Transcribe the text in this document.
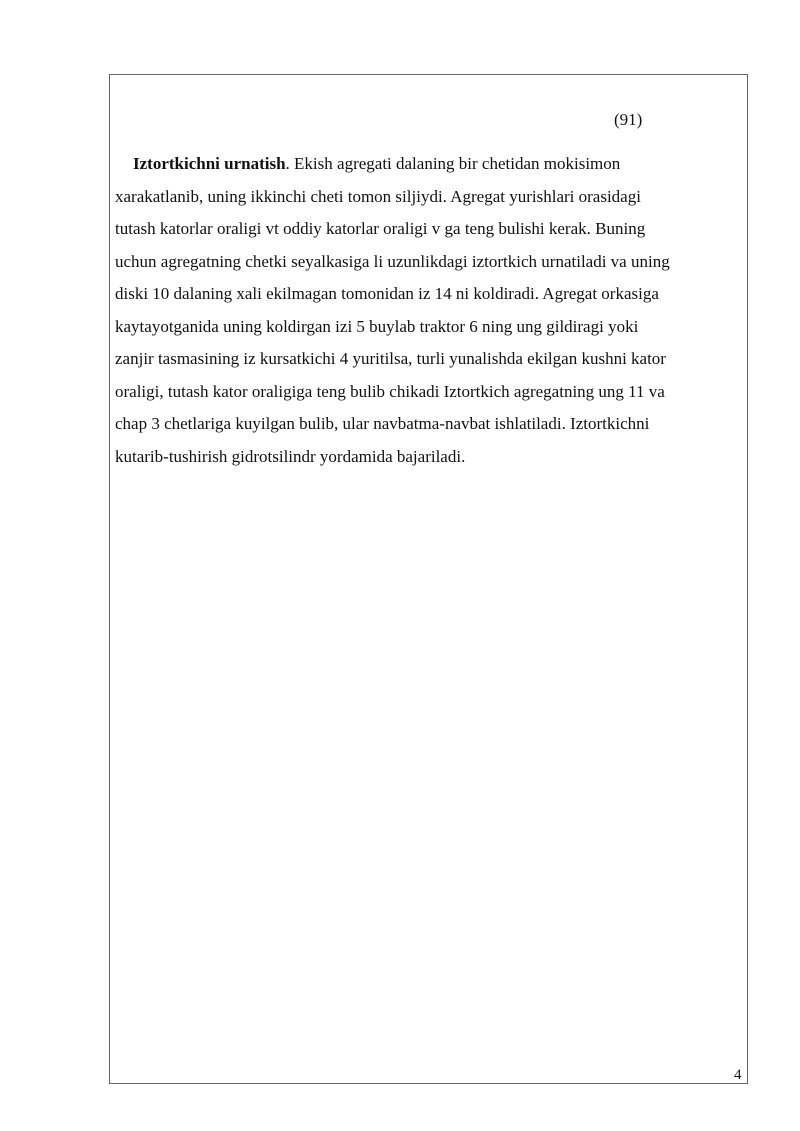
(91)

Iztortkichni urnatish. Ekish agregati dalaning bir chetidan mokisimon
xarakatlanib, uning ikkinchi cheti tomon siljiydi. Agregat yurishlari orasidagi
tutash katorlar oraligi vt oddiy katorlar oraligi v ga teng bulishi kerak. Buning
uchun agregatning chetki seyalkasiga li uzunlikdagi iztortkich urnatiladi va uning
diski 10 dalaning xali ekilmagan tomonidan iz 14 ni koldiradi. Agregat orkasiga
kaytayotganida uning koldirgan izi 5 buylab traktor 6 ning ung gildiragi yoki
zanjir tasmasining iz kursatkichi 4 yuritilsa, turli yunalishda ekilgan kushni kator
oraligi, tutash kator oraligiga teng bulib chikadi Iztortkich agregatning ung 11 va
chap 3 chetlariga kuyilgan bulib, ular navbatma-navbat ishlatiladi. Iztortkichni
kutarib-tushirish gidrotsilindr yordamida bajariladi.

4
